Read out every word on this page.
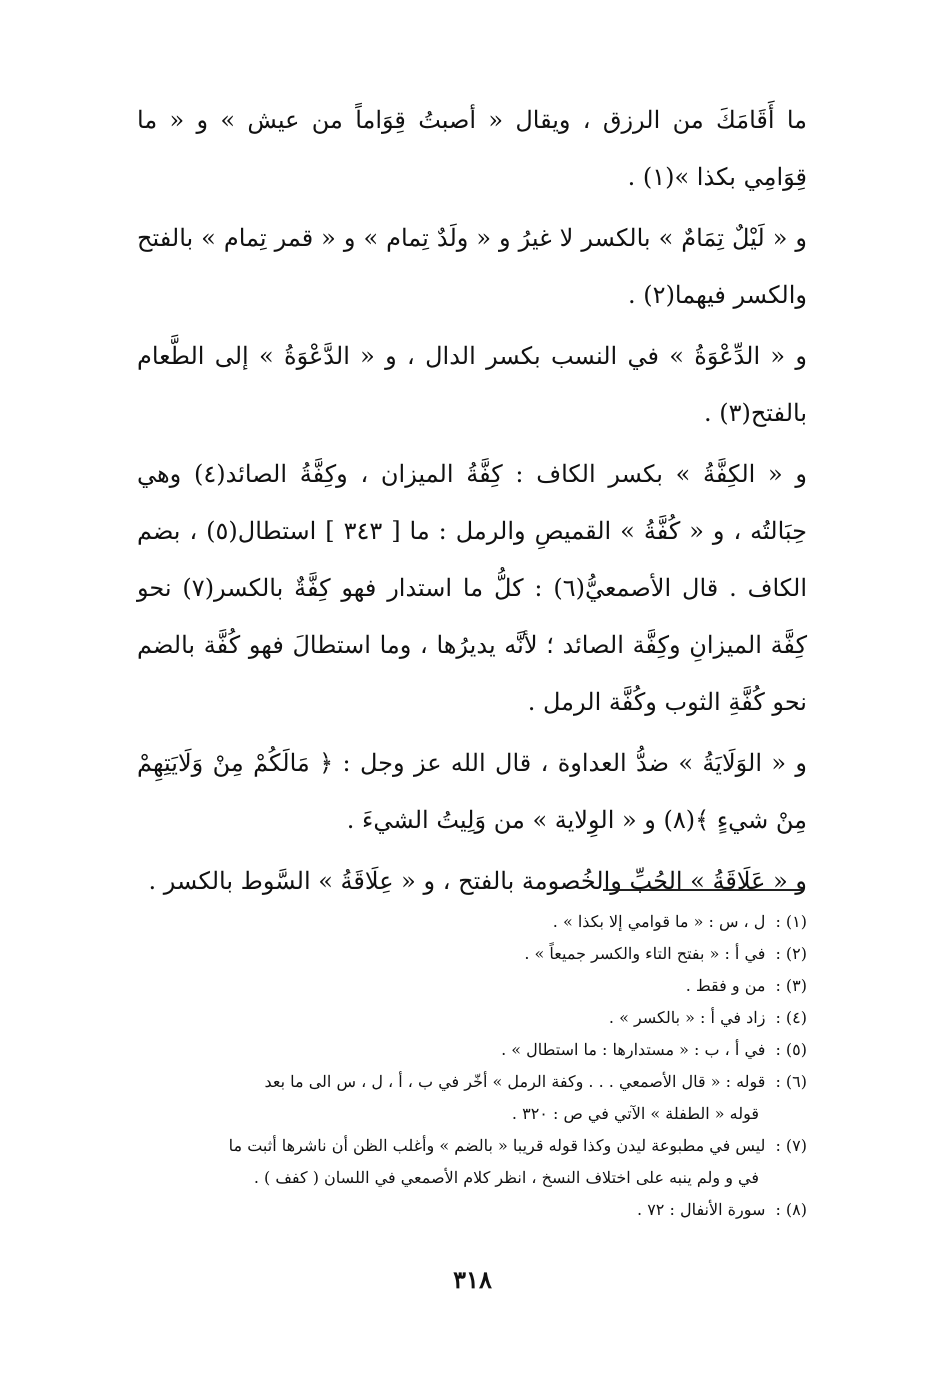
ما أَقَامَكَ من الرزق ، ويقال « أصبتُ قِوَاماً من عيش » و « ما قِوَامِي بكذا »(١) .

و « لَيْلٌ تِمَامٌ » بالكسر لا غيرُ و « ولَدٌ تِمام » و « قمر تِمام » بالفتح والكسر فيهما(٢) .

و « الدِّعْوَةُ » في النسب بكسر الدال ، و « الدَّعْوَةُ » إلى الطَّعام بالفتح(٣) .

و « الكِفَّةُ » بكسر الكاف : كِفَّةُ الميزان ، وكِفَّةُ الصائد(٤) وهي حِبَالتُه ، و « كُفَّةُ » القميصِ والرمل : ما [ ٣٤٣ ] استطال(٥) ، بضم الكاف . قال الأصمعيُّ(٦) : كلُّ ما استدار فهو كِفَّةٌ بالكسر(٧) نحو كِفَّة الميزانِ وكِفَّة الصائد ؛ لأنَّه يديرُها ، وما استطالَ فهو كُفَّة بالضم نحو كُفَّةِ الثوب وكُفَّة الرمل .

و « الوَلَايَةُ » ضدُّ العداوة ، قال الله عز وجل : ﴿ مَالَكُمْ مِنْ وَلَايَتِهِمْ مِنْ شيءٍ ﴾(٨) و « الوِلاية » من وَلِيتُ الشيءَ .

و « عَلَاقَةُ » الحُبِّ والخُصومة بالفتح ، و « عِلَاقَةُ » السَّوط بالكسر .

(١) :ل ، س : « ما قوامي إلا بكذا » .

(٢) :في أ : « بفتح التاء والكسر جميعاً » .

(٣) :من و فقط .

(٤) :زاد في أ : « بالكسر » .

(٥) :في أ ، ب : « مستدارها : ما استطال » .

(٦) :قوله : « قال الأصمعي . . . وكفة الرمل » أخّر في ب ، أ ، ل ، س الى ما بعد

قوله « الطفلة » الآتي في ص : ٣٢٠ .

(٧) :ليس في مطبوعة ليدن وكذا قوله قريبا « بالضم » وأغلب الظن أن ناشرها أثبت ما

في و ولم ينبه على اختلاف النسخ ، انظر كلام الأصمعي في اللسان ( كفف ) .

(٨) :سورة الأنفال : ٧٢ .

٣١٨
